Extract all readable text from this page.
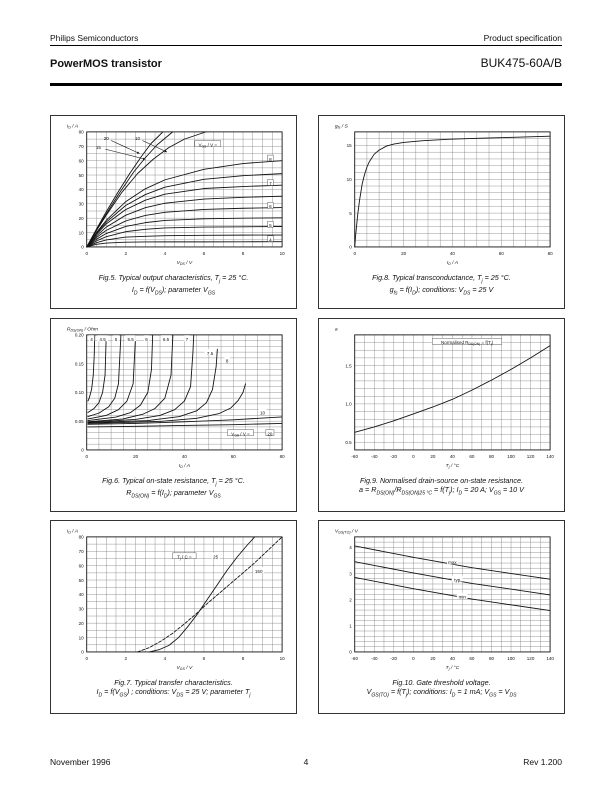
Philips Semiconductors	Product specification
PowerMOS transistor	BUK475-60A/B
0	2	4	6	8	10
0
10
20
30
40
50
60
70
80
VGS / V =
20
15
10
8
7
6
5
4
ID / A
VDS / V
Fig.5. Typical output characteristics, $T_j = 25$ °C.
$I_D = f(V_{DS})$; parameter $V_{GS}$
0	20	40	60	80
0
5
10
15
gfs / S
ID / A
Fig.8. Typical transconductance, $T_j = 25$ °C.
$g_{fs} = f(I_D)$; conditions: $V_{DS} = 25$ V
0	20	40	60	80
0
0.05
0.10
0.15
0.20
4 4.5 5 5.5 6	6.5	7
7.5
8
10
VGS / V =	20
RDS(ON) / Ohm
ID / A
Fig.6. Typical on-state resistance, $T_j = 25$ °C.
$R_{DS(ON)} = f(I_D)$; parameter $V_{GS}$
-60	-40	-20	0	20	40	60	80	100	120	140
0.5
1.0
1.5
Normalised RDS(ON) = f(Tj)
a
Tj / °C
Fig.9. Normalised drain-source on-state resistance.
$a = R_{DS(ON)}/R_{DS(ON)25 ^\circ C} = f(T_j)$; $I_D = 20$ A; $V_{GS} = 10$ V
0	2	4	6	8	10
0
10
20
30
40
50
60
70
80
Tj / C =	25
150
ID / A
VGS / V
Fig.7. Typical transfer characteristics.
$I_D = f(V_{GS})$ ; conditions: $V_{DS} = 25$ V; parameter $T_j$
-60	-40	-20	0	20	40	60	80	100	120	140
0
1
2
3
4
max
typ
min
VGS(TO) / V
Tj / °C
Fig.10. Gate threshold voltage.
$V_{GS(TO)} = f(T_j)$; conditions: $I_D = 1$ mA; $V_{GS} = V_{DS}$
November 1996	4	Rev 1.200
